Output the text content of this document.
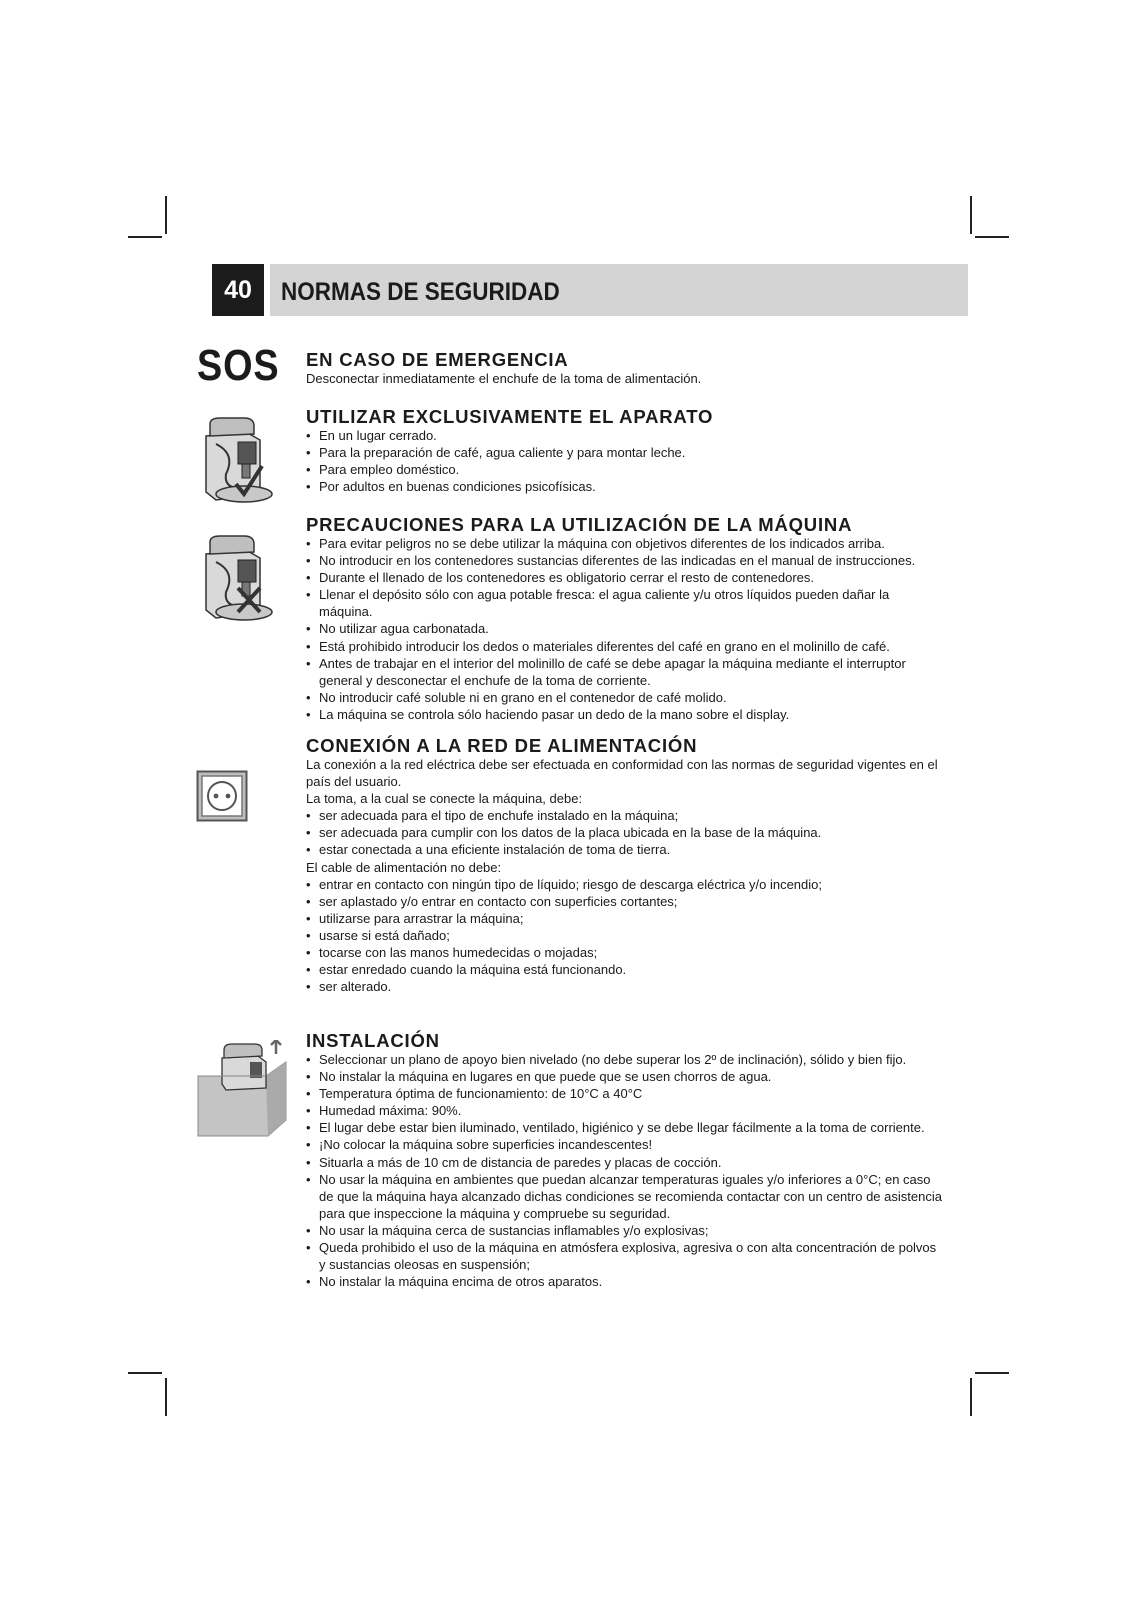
40	NORMAS DE SEGURIDAD
SOS EN CASO DE EMERGENCIA

Desconectar inmediatamente el enchufe de la toma de alimentación.

UTILIZAR EXCLUSIVAMENTE EL APARATO
• En un lugar cerrado.
• Para la preparación de café, agua caliente y para montar leche.
• Para empleo doméstico.
• Por adultos en buenas condiciones psicofísicas.
PRECAUCIONES PARA LA UTILIZACIÓN DE LA MÁQUINA
• Para evitar peligros no se debe utilizar la máquina con objetivos diferentes de los indicados arriba.
• No introducir en los contenedores sustancias diferentes de las indicadas en el manual de instrucciones.
• Durante el llenado de los contenedores es obligatorio cerrar el resto de contenedores.
• Llenar el depósito sólo con agua potable fresca: el agua caliente y/u otros líquidos pueden dañar la máquina.
• No utilizar agua carbonatada.
• Está prohibido introducir los dedos o materiales diferentes del café en grano en el molinillo de café.
• Antes de trabajar en el interior del molinillo de café se debe apagar la máquina mediante el interruptor general y desconectar el enchufe de la toma de corriente.
• No introducir café soluble ni en grano en el contenedor de café molido.
• La máquina se controla sólo haciendo pasar un dedo de la mano sobre el display.
CONEXIÓN A LA RED DE ALIMENTACIÓN

La conexión a la red eléctrica debe ser efectuada en conformidad con las normas de seguridad vigentes en el país del usuario.

La toma, a la cual se conecte la máquina, debe:

• ser adecuada para el tipo de enchufe instalado en la máquina;
• ser adecuada para cumplir con los datos de la placa ubicada en la base de la máquina.
• estar conectada a una eficiente instalación de toma de tierra.

El cable de alimentación no debe:

• entrar en contacto con ningún tipo de líquido; riesgo de descarga eléctrica y/o incendio;
• ser aplastado y/o entrar en contacto con superficies cortantes;
• utilizarse para arrastrar la máquina;
• usarse si está dañado;
• tocarse con las manos humedecidas o mojadas;
• estar enredado cuando la máquina está funcionando.
• ser alterado.
INSTALACIÓN
• Seleccionar un plano de apoyo bien nivelado (no debe superar los 2º de inclinación), sólido y bien fijo.
• No instalar la máquina en lugares en que puede que se usen chorros de agua.
• Temperatura óptima de funcionamiento: de 10°C a 40°C
• Humedad máxima: 90%.
• El lugar debe estar bien iluminado, ventilado, higiénico y se debe llegar fácilmente a la toma de corriente.
• ¡No colocar la máquina sobre superficies incandescentes!
• Situarla a más de 10 cm de distancia de paredes y placas de cocción.
• No usar la máquina en ambientes que puedan alcanzar temperaturas iguales y/o inferiores a 0°C; en caso de que la máquina haya alcanzado dichas condiciones se recomienda contactar con un centro de asistencia para que inspeccione la máquina y compruebe su seguridad.
• No usar la máquina cerca de sustancias inflamables y/o explosivas;
• Queda prohibido el uso de la máquina en atmósfera explosiva, agresiva o con alta concentración de polvos y sustancias oleosas en suspensión;
• No instalar la máquina encima de otros aparatos.
